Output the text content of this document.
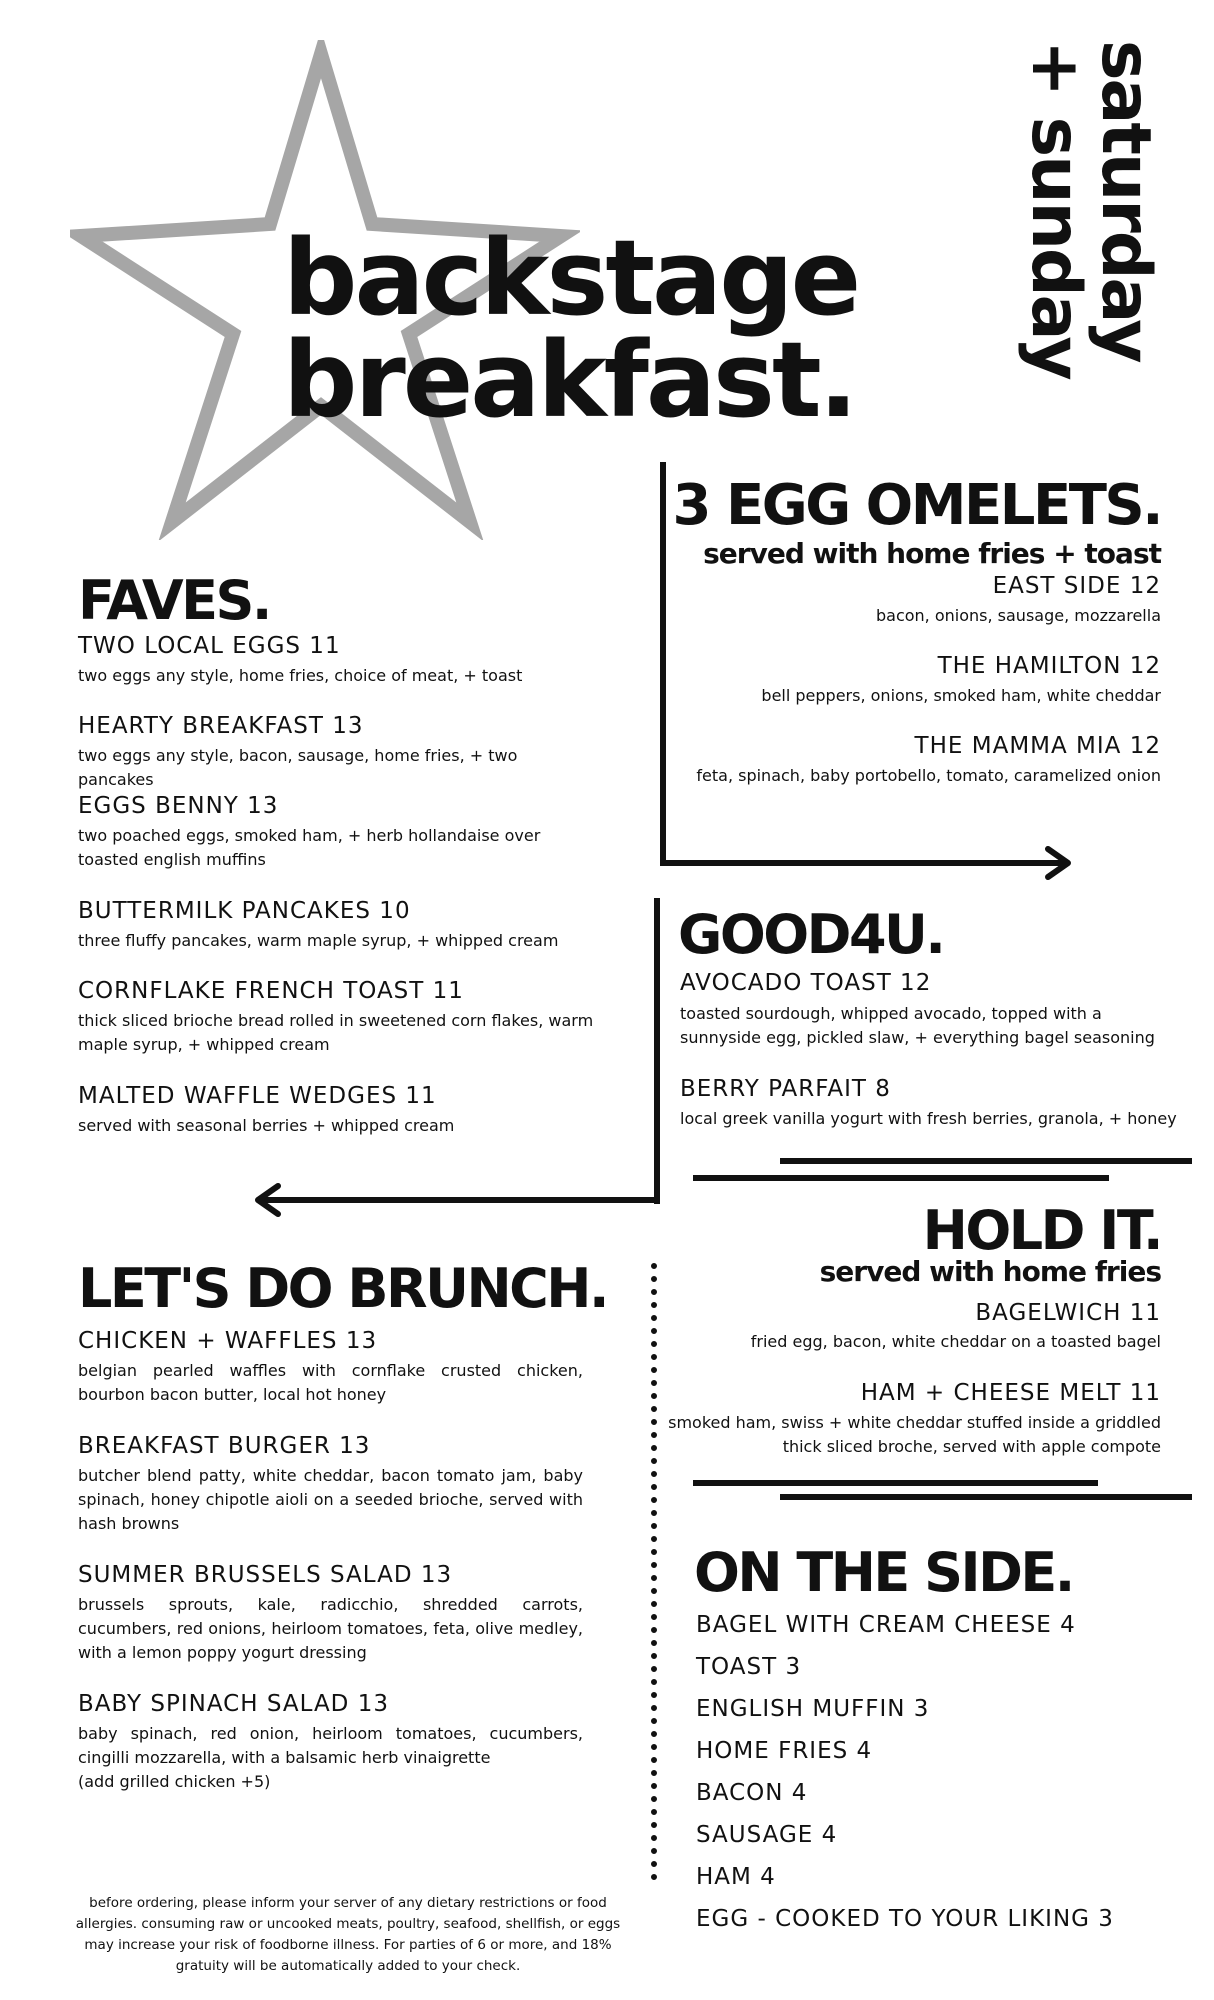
backstage
breakfast.
saturday
+ sunday
3 EGG OMELETS.
served with home fries + toast
EAST SIDE 12
bacon, onions, sausage, mozzarella
THE HAMILTON 12
bell peppers, onions, smoked ham, white cheddar
THE MAMMA MIA 12
feta, spinach, baby portobello, tomato, caramelized onion
FAVES.
TWO LOCAL EGGS 11
two eggs any style, home fries, choice of meat, + toast
HEARTY BREAKFAST 13
two eggs any style, bacon, sausage, home fries, + two pancakes
EGGS BENNY 13
two poached eggs, smoked ham, + herb hollandaise over toasted english muffins
BUTTERMILK PANCAKES 10
three fluffy pancakes, warm maple syrup, + whipped cream
CORNFLAKE FRENCH TOAST 11
thick sliced brioche bread rolled in sweetened corn flakes, warm maple syrup, + whipped cream
MALTED WAFFLE WEDGES 11
served with seasonal berries + whipped cream
GOOD4U.
AVOCADO TOAST 12
toasted sourdough, whipped avocado, topped with a sunnyside egg, pickled slaw, + everything bagel seasoning
BERRY PARFAIT 8
local greek vanilla yogurt with fresh berries, granola, + honey
HOLD IT.
served with home fries
BAGELWICH 11
fried egg, bacon, white cheddar on a toasted bagel
HAM + CHEESE MELT 11
smoked ham, swiss + white cheddar stuffed inside a griddled thick sliced broche, served with apple compote
LET'S DO BRUNCH.
CHICKEN + WAFFLES 13
belgian pearled waffles with cornflake crusted chicken, bourbon bacon butter, local hot honey
BREAKFAST BURGER 13
butcher blend patty, white cheddar, bacon tomato jam, baby spinach, honey chipotle aioli on a seeded brioche, served with hash browns
SUMMER BRUSSELS SALAD 13
brussels sprouts, kale, radicchio, shredded carrots, cucumbers, red onions, heirloom tomatoes, feta, olive medley, with a lemon poppy yogurt dressing
BABY SPINACH SALAD 13
baby spinach, red onion, heirloom tomatoes, cucumbers, cingilli mozzarella, with a balsamic herb vinaigrette
(add grilled chicken +5)
ON THE SIDE.
BAGEL WITH CREAM CHEESE 4
TOAST 3
ENGLISH MUFFIN 3
HOME FRIES 4
BACON 4
SAUSAGE 4
HAM 4
EGG - COOKED TO YOUR LIKING 3
before ordering, please inform your server of any dietary restrictions or food allergies. consuming raw or uncooked meats, poultry, seafood, shellfish, or eggs may increase your risk of foodborne illness. For parties of 6 or more, and 18% gratuity will be automatically added to your check.
